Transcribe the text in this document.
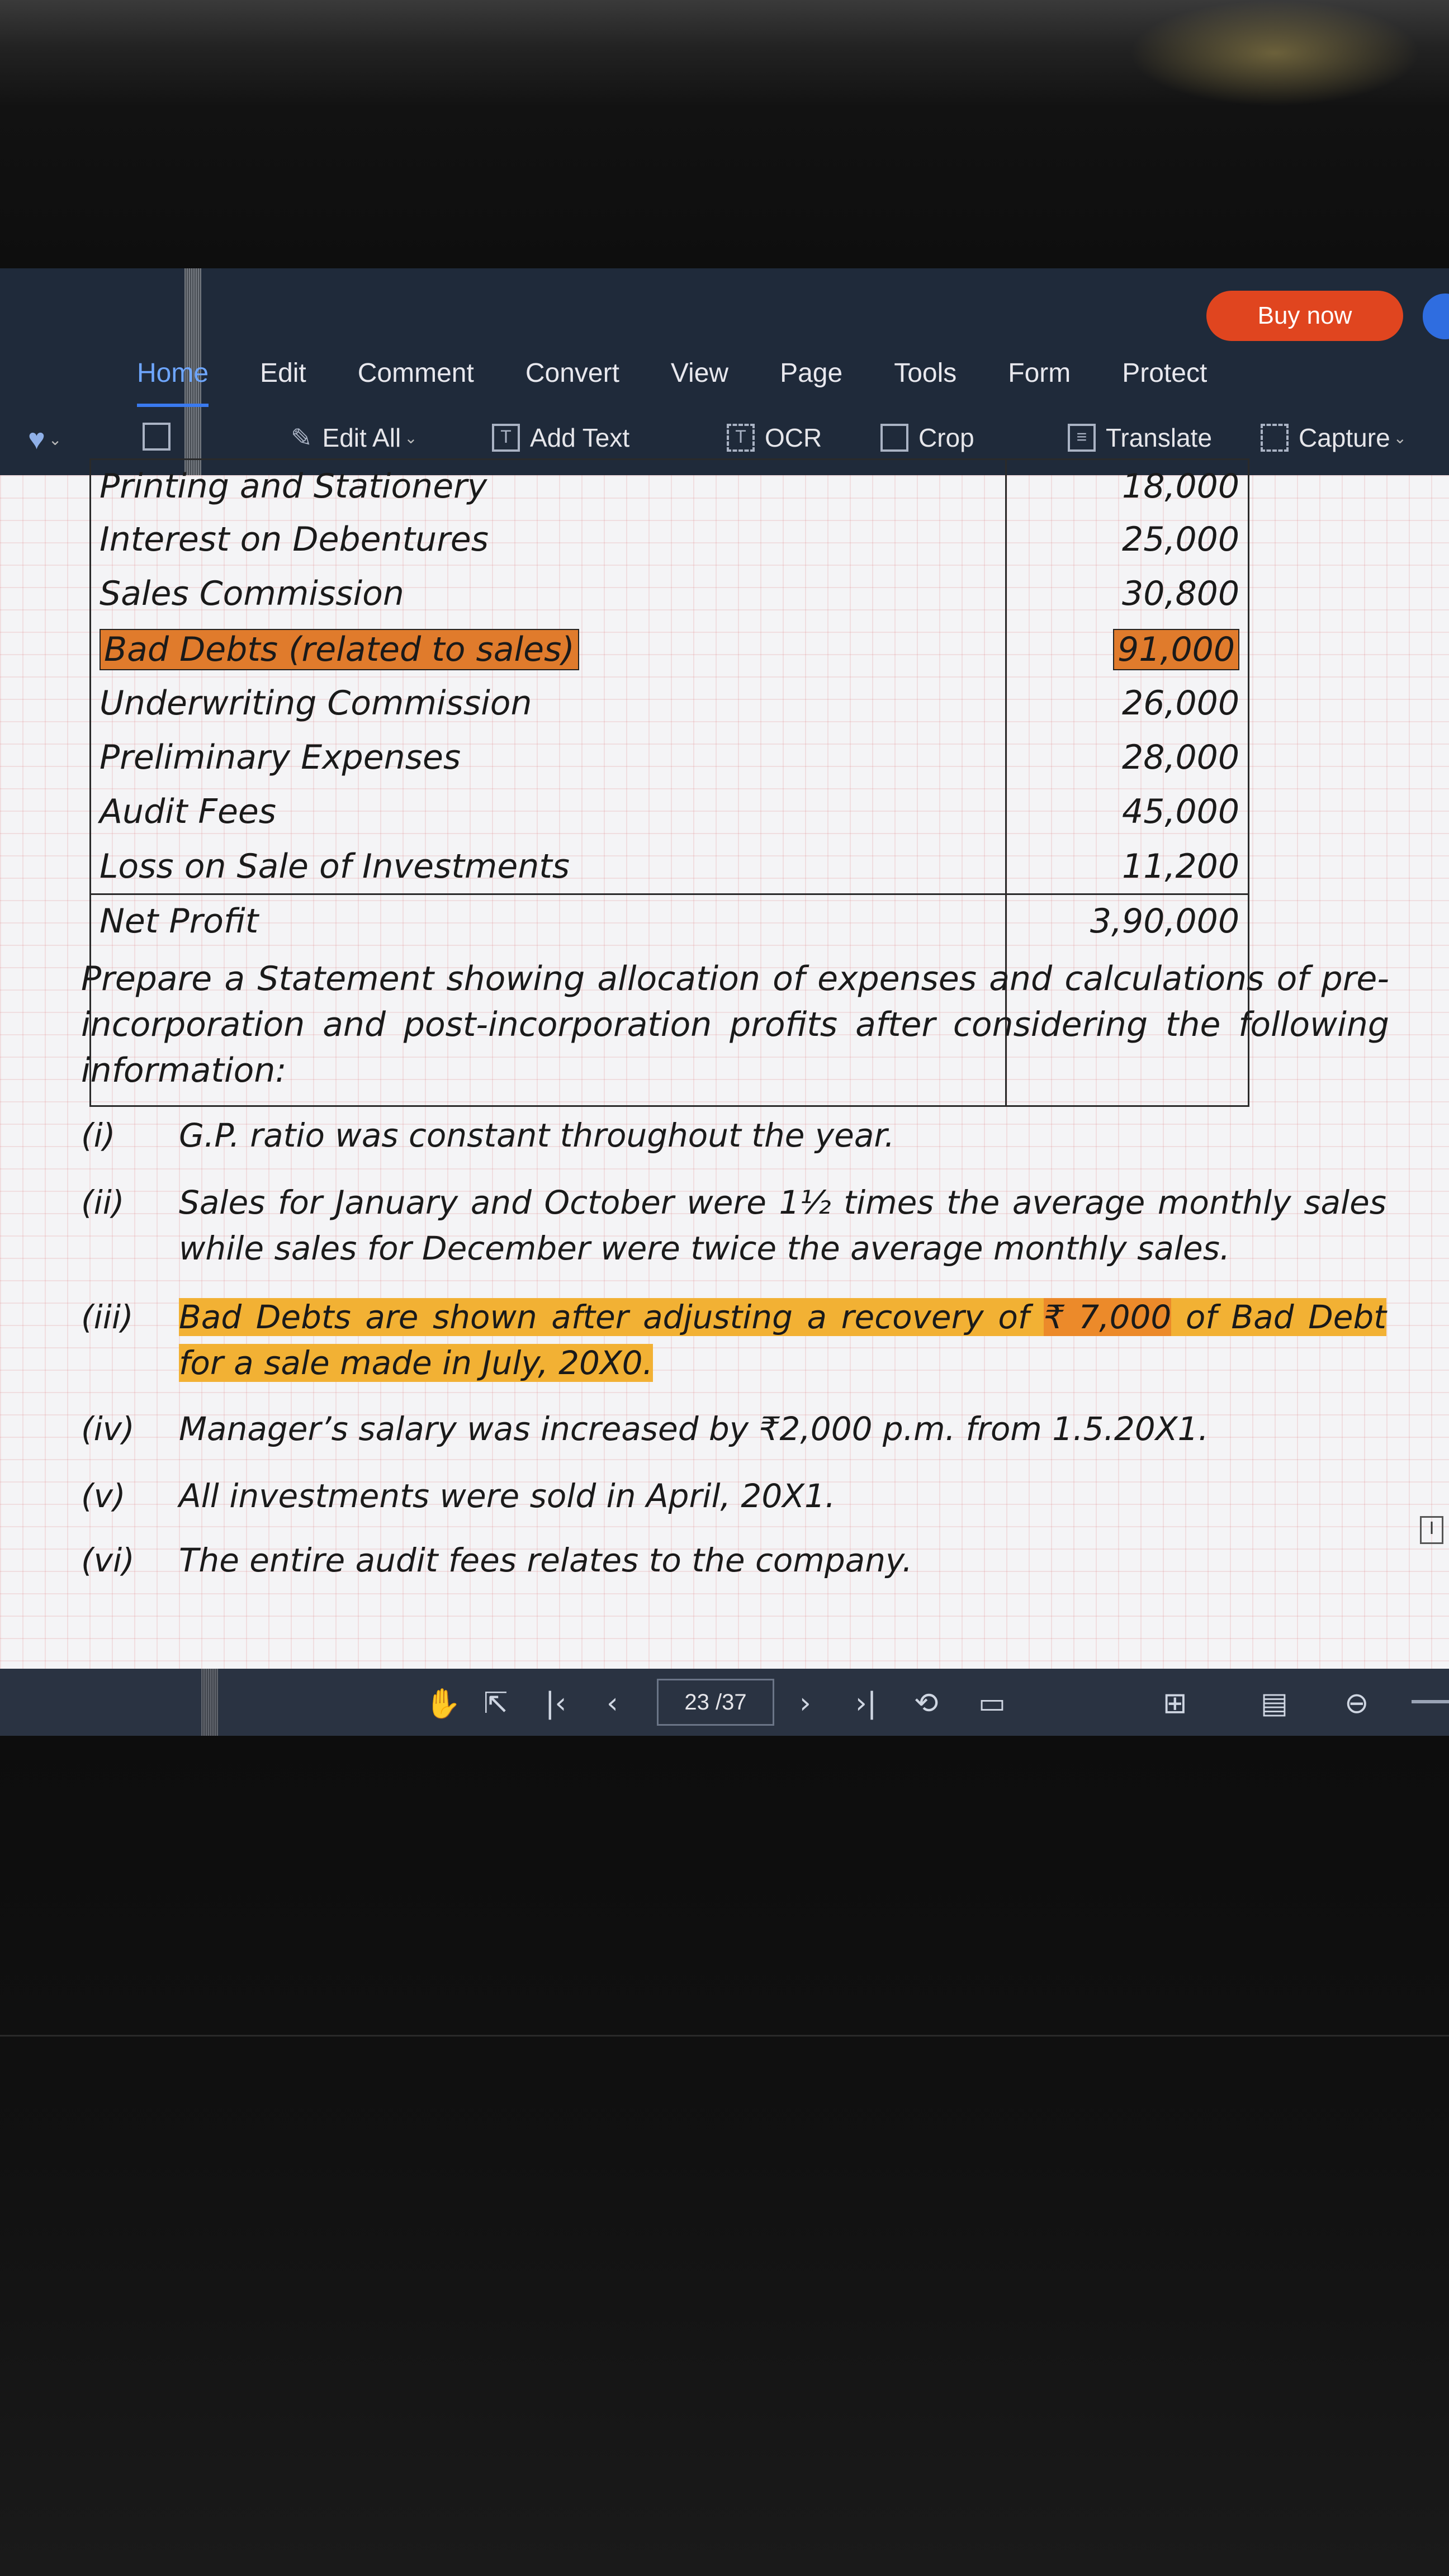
Buy now
Home Edit Comment Convert View Page Tools Form Protect
♥ ⌄	✎ Edit All ⌄	T Add Text	T OCR	Crop	≡ Translate	Capture ⌄
Printing and Stationery	18,000
Interest on Debentures	25,000
Sales Commission	30,800
Bad Debts (related to sales)	91,000
Underwriting Commission	26,000
Preliminary Expenses	28,000
Audit Fees	45,000
Loss on Sale of Investments	11,200
Net Profit	3,90,000
Prepare a Statement showing allocation of expenses and calculations of pre-incorporation and post-incorporation profits after considering the following information:
(i) G.P. ratio was constant throughout the year.
(ii) Sales for January and October were 1½ times the average monthly sales while sales for December were twice the average monthly sales.
(iii) Bad Debts are shown after adjusting a recovery of ₹ 7,000 of Bad Debt for a sale made in July, 20X0.
(iv) Manager’s salary was increased by ₹2,000 p.m. from 1.5.20X1.
(v) All investments were sold in April, 20X1.
(vi) The entire audit fees relates to the company.
✋ ⇱ |‹ ‹	23 /37	› ›| ⟲ ▭	⊞	▤ ⊖
I
